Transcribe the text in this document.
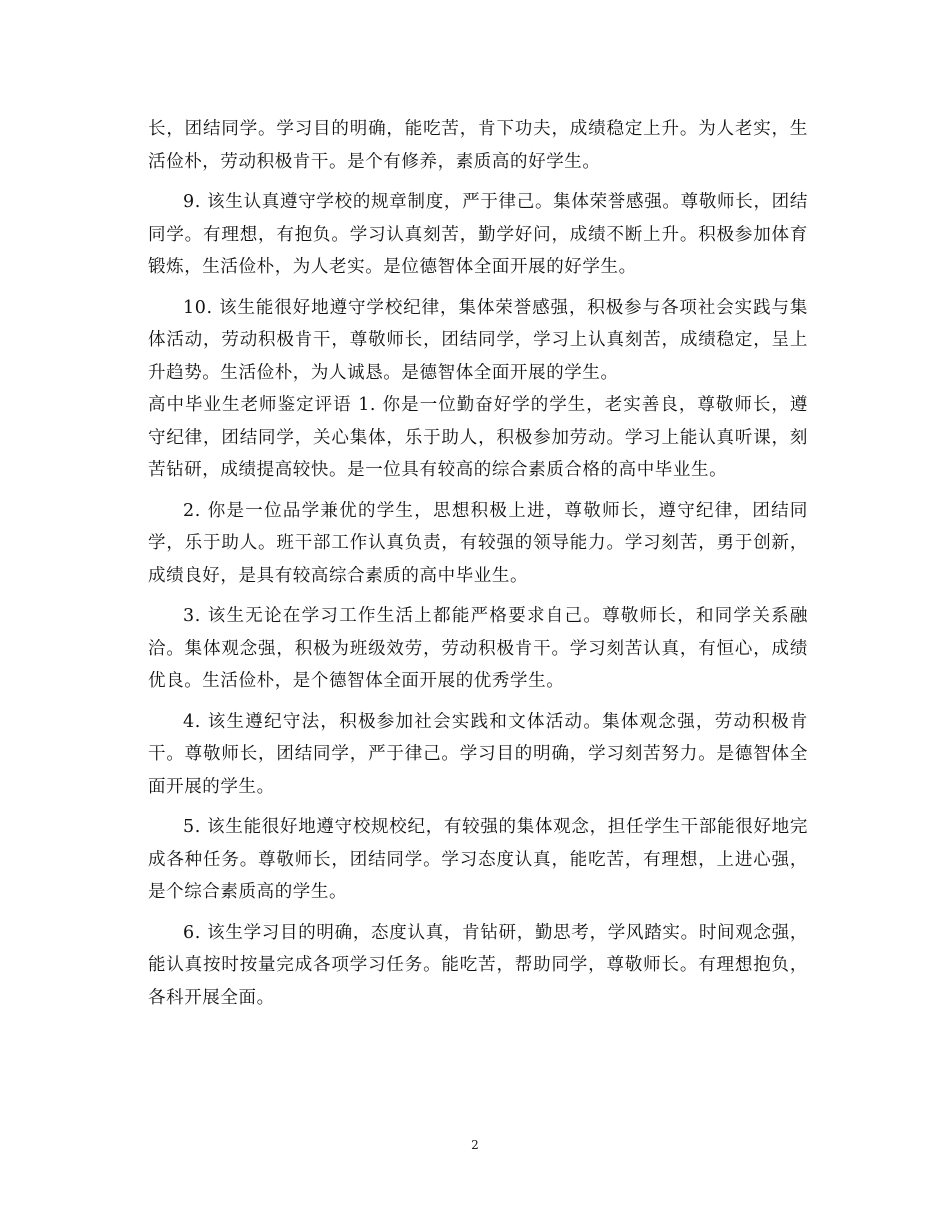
长，团结同学。学习目的明确，能吃苦，肯下功夫，成绩稳定上升。为人老实，生活俭朴，劳动积极肯干。是个有修养，素质高的好学生。

9. 该生认真遵守学校的规章制度，严于律己。集体荣誉感强。尊敬师长，团结同学。有理想，有抱负。学习认真刻苦，勤学好问，成绩不断上升。积极参加体育锻炼，生活俭朴，为人老实。是位德智体全面开展的好学生。

10. 该生能很好地遵守学校纪律，集体荣誉感强，积极参与各项社会实践与集体活动，劳动积极肯干，尊敬师长，团结同学，学习上认真刻苦，成绩稳定，呈上升趋势。生活俭朴，为人诚恳。是德智体全面开展的学生。

高中毕业生老师鉴定评语 1. 你是一位勤奋好学的学生，老实善良，尊敬师长，遵守纪律，团结同学，关心集体，乐于助人，积极参加劳动。学习上能认真听课，刻苦钻研，成绩提高较快。是一位具有较高的综合素质合格的高中毕业生。

2. 你是一位品学兼优的学生，思想积极上进，尊敬师长，遵守纪律，团结同学，乐于助人。班干部工作认真负责，有较强的领导能力。学习刻苦，勇于创新，成绩良好，是具有较高综合素质的高中毕业生。

3. 该生无论在学习工作生活上都能严格要求自己。尊敬师长，和同学关系融洽。集体观念强，积极为班级效劳，劳动积极肯干。学习刻苦认真，有恒心，成绩优良。生活俭朴，是个德智体全面开展的优秀学生。

4. 该生遵纪守法，积极参加社会实践和文体活动。集体观念强，劳动积极肯干。尊敬师长，团结同学，严于律己。学习目的明确，学习刻苦努力。是德智体全面开展的学生。

5. 该生能很好地遵守校规校纪，有较强的集体观念，担任学生干部能很好地完成各种任务。尊敬师长，团结同学。学习态度认真，能吃苦，有理想，上进心强，是个综合素质高的学生。

6. 该生学习目的明确，态度认真，肯钻研，勤思考，学风踏实。时间观念强，能认真按时按量完成各项学习任务。能吃苦，帮助同学，尊敬师长。有理想抱负，各科开展全面。

2
